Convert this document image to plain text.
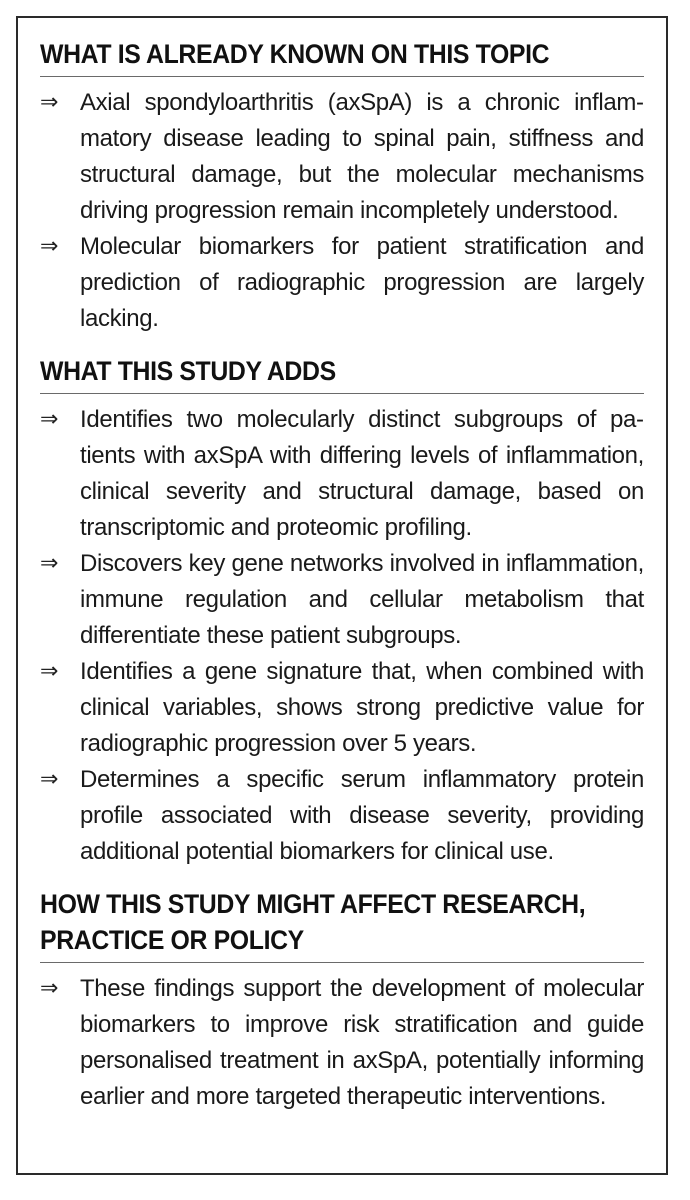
WHAT IS ALREADY KNOWN ON THIS TOPIC
⇒ Axial spondyloarthritis (axSpA) is a chronic inflammatory disease leading to spinal pain, stiffness and structural damage, but the molecular mechanisms driving progression remain incompletely understood.
⇒ Molecular biomarkers for patient stratification and prediction of radiographic progression are largely lacking.
WHAT THIS STUDY ADDS
⇒ Identifies two molecularly distinct subgroups of patients with axSpA with differing levels of inflammation, clinical severity and structural damage, based on transcriptomic and proteomic profiling.
⇒ Discovers key gene networks involved in inflammation, immune regulation and cellular metabolism that differentiate these patient subgroups.
⇒ Identifies a gene signature that, when combined with clinical variables, shows strong predictive value for radiographic progression over 5 years.
⇒ Determines a specific serum inflammatory protein profile associated with disease severity, providing additional potential biomarkers for clinical use.
HOW THIS STUDY MIGHT AFFECT RESEARCH,
PRACTICE OR POLICY
⇒ These findings support the development of molecular biomarkers to improve risk stratification and guide personalised treatment in axSpA, potentially informing earlier and more targeted therapeutic interventions.
